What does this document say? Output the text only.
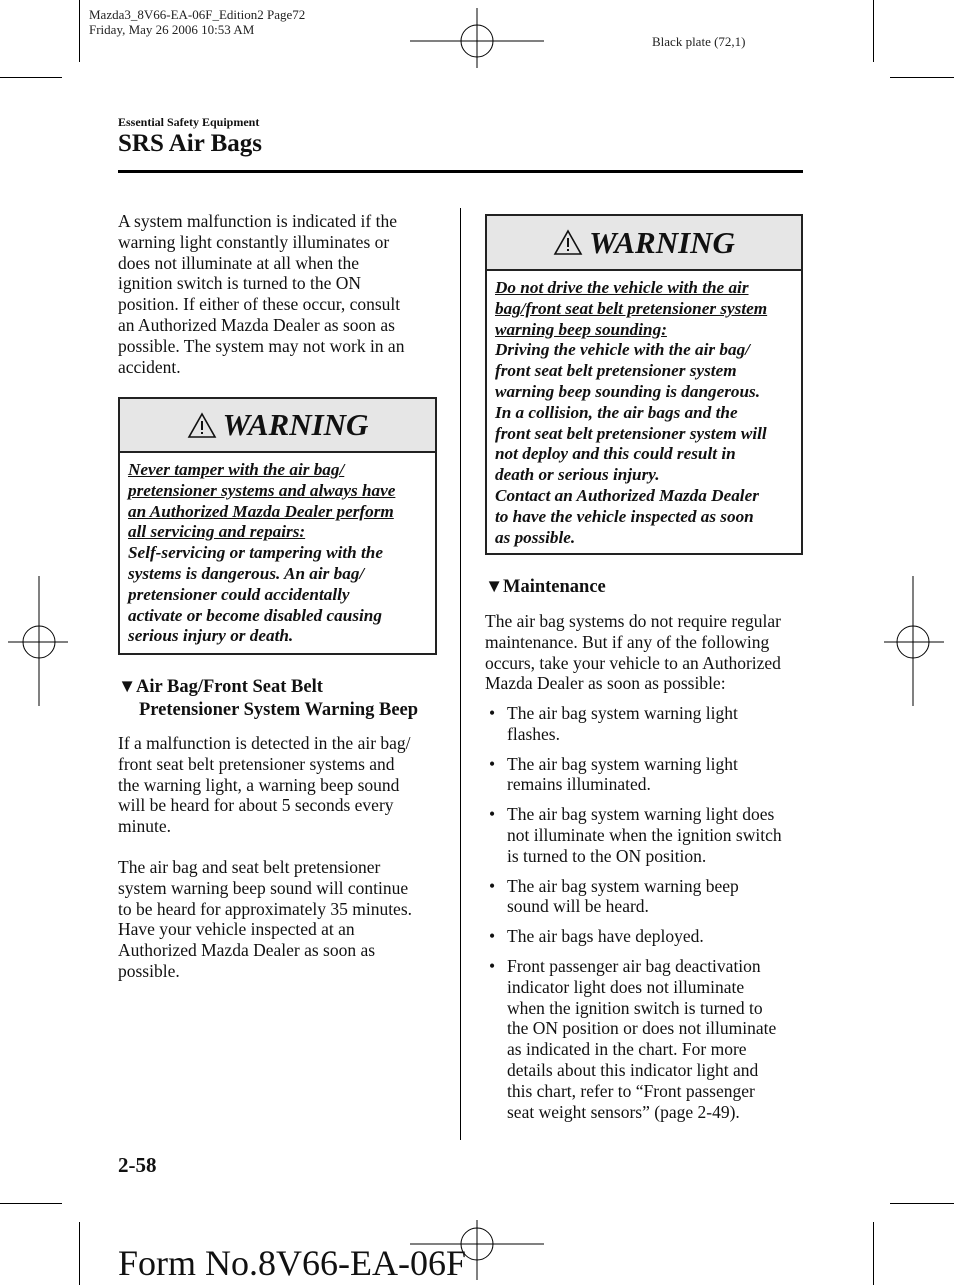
Mazda3_8V66-EA-06F_Edition2 Page72
Friday, May 26 2006 10:53 AM
Black plate (72,1)
Essential Safety Equipment
SRS Air Bags
A system malfunction is indicated if the
warning light constantly illuminates or
does not illuminate at all when the
ignition switch is turned to the ON
position. If either of these occur, consult
an Authorized Mazda Dealer as soon as
possible. The system may not work in an
accident.
WARNING
Never tamper with the air bag/
pretensioner systems and always have
an Authorized Mazda Dealer perform
all servicing and repairs:
Self-servicing or tampering with the
systems is dangerous. An air bag/
pretensioner could accidentally
activate or become disabled causing
serious injury or death.
▼Air Bag/Front Seat Belt
Pretensioner System Warning Beep
If a malfunction is detected in the air bag/
front seat belt pretensioner systems and
the warning light, a warning beep sound
will be heard for about 5 seconds every
minute.
The air bag and seat belt pretensioner
system warning beep sound will continue
to be heard for approximately 35 minutes.
Have your vehicle inspected at an
Authorized Mazda Dealer as soon as
possible.
WARNING
Do not drive the vehicle with the air
bag/front seat belt pretensioner system
warning beep sounding:
Driving the vehicle with the air bag/
front seat belt pretensioner system
warning beep sounding is dangerous.
In a collision, the air bags and the
front seat belt pretensioner system will
not deploy and this could result in
death or serious injury.
Contact an Authorized Mazda Dealer
to have the vehicle inspected as soon
as possible.
▼Maintenance
The air bag systems do not require regular
maintenance. But if any of the following
occurs, take your vehicle to an Authorized
Mazda Dealer as soon as possible:
• The air bag system warning light
flashes.
• The air bag system warning light
remains illuminated.
• The air bag system warning light does
not illuminate when the ignition switch
is turned to the ON position.
• The air bag system warning beep
sound will be heard.
• The air bags have deployed.
• Front passenger air bag deactivation
indicator light does not illuminate
when the ignition switch is turned to
the ON position or does not illuminate
as indicated in the chart. For more
details about this indicator light and
this chart, refer to “Front passenger
seat weight sensors” (page 2-49).
2-58
Form No.8V66-EA-06F
